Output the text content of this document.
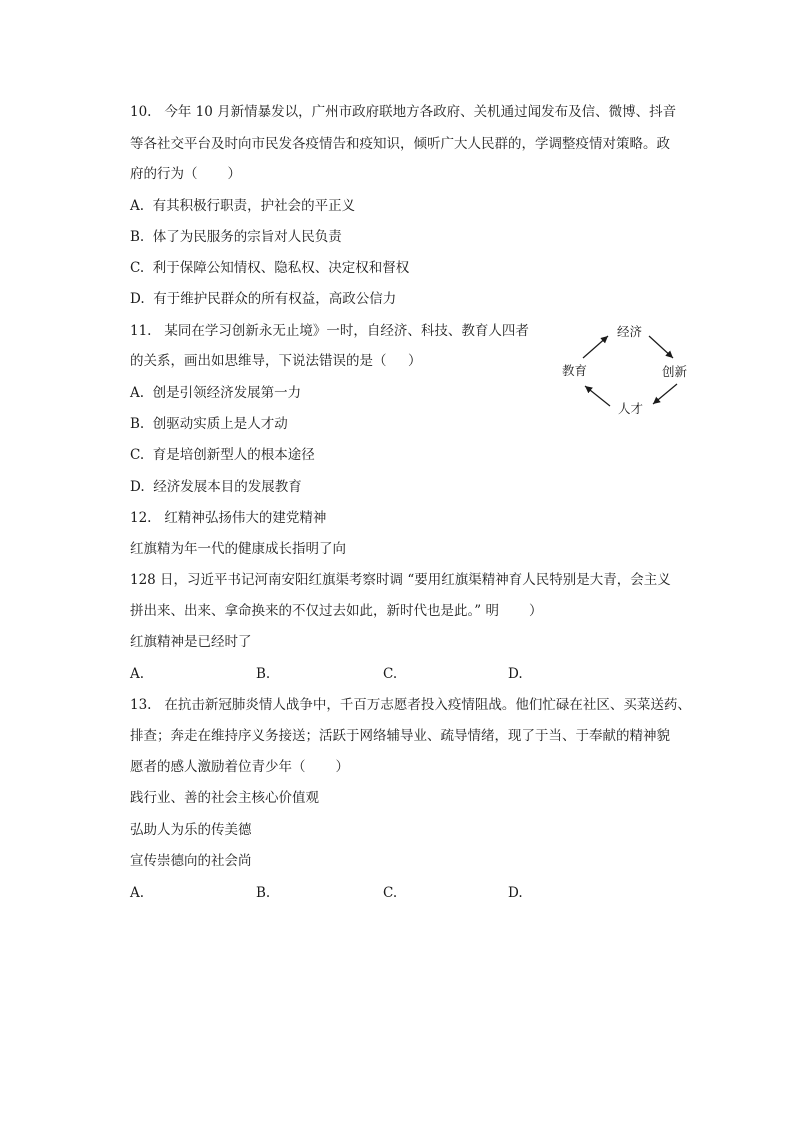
10.   今年 10 月新情暴发以，广州市政府联地方各政府、关机通过闻发布及信、微博、抖音
等各社交平台及时向市民发各疫情告和疫知识，倾听广大人民群的，学调整疫情对策略。政
府的行为（       ）
A.  有其积极行职责，护社会的平正义
B.  体了为民服务的宗旨对人民负责
C.  利于保障公知情权、隐私权、决定权和督权
D.  有于维护民群众的所有权益，高政公信力
11.   某同在学习创新永无止境》一时，自经济、科技、教育人四者
的关系，画出如思维导，下说法错误的是（     ）
A.  创是引领经济发展第一力
B.  创驱动实质上是人才动
C.  育是培创新型人的根本途径
D.  经济发展本目的发展教育
经济
教育	创新
人才
12.   红精神弘扬伟大的建党精神
红旗精为年一代的健康成长指明了向
128 日，习近平书记河南安阳红旗渠考察时调 “要用红旗渠精神育人民特别是大青，会主义
拼出来、出来、拿命换来的不仅过去如此，新时代也是此。” 明       ）
红旗精神是已经时了
A.	B.	C.	D.
13.   在抗击新冠肺炎情人战争中，千百万志愿者投入疫情阻战。他们忙碌在社区、买菜送药、
排查；奔走在维持序义务接送；活跃于网络辅导业、疏导情绪，现了于当、于奉献的精神貌
愿者的感人激励着位青少年（       ）
践行业、善的社会主核心价值观
弘助人为乐的传美德
宣传崇德向的社会尚
A.	B.	C.	D.
